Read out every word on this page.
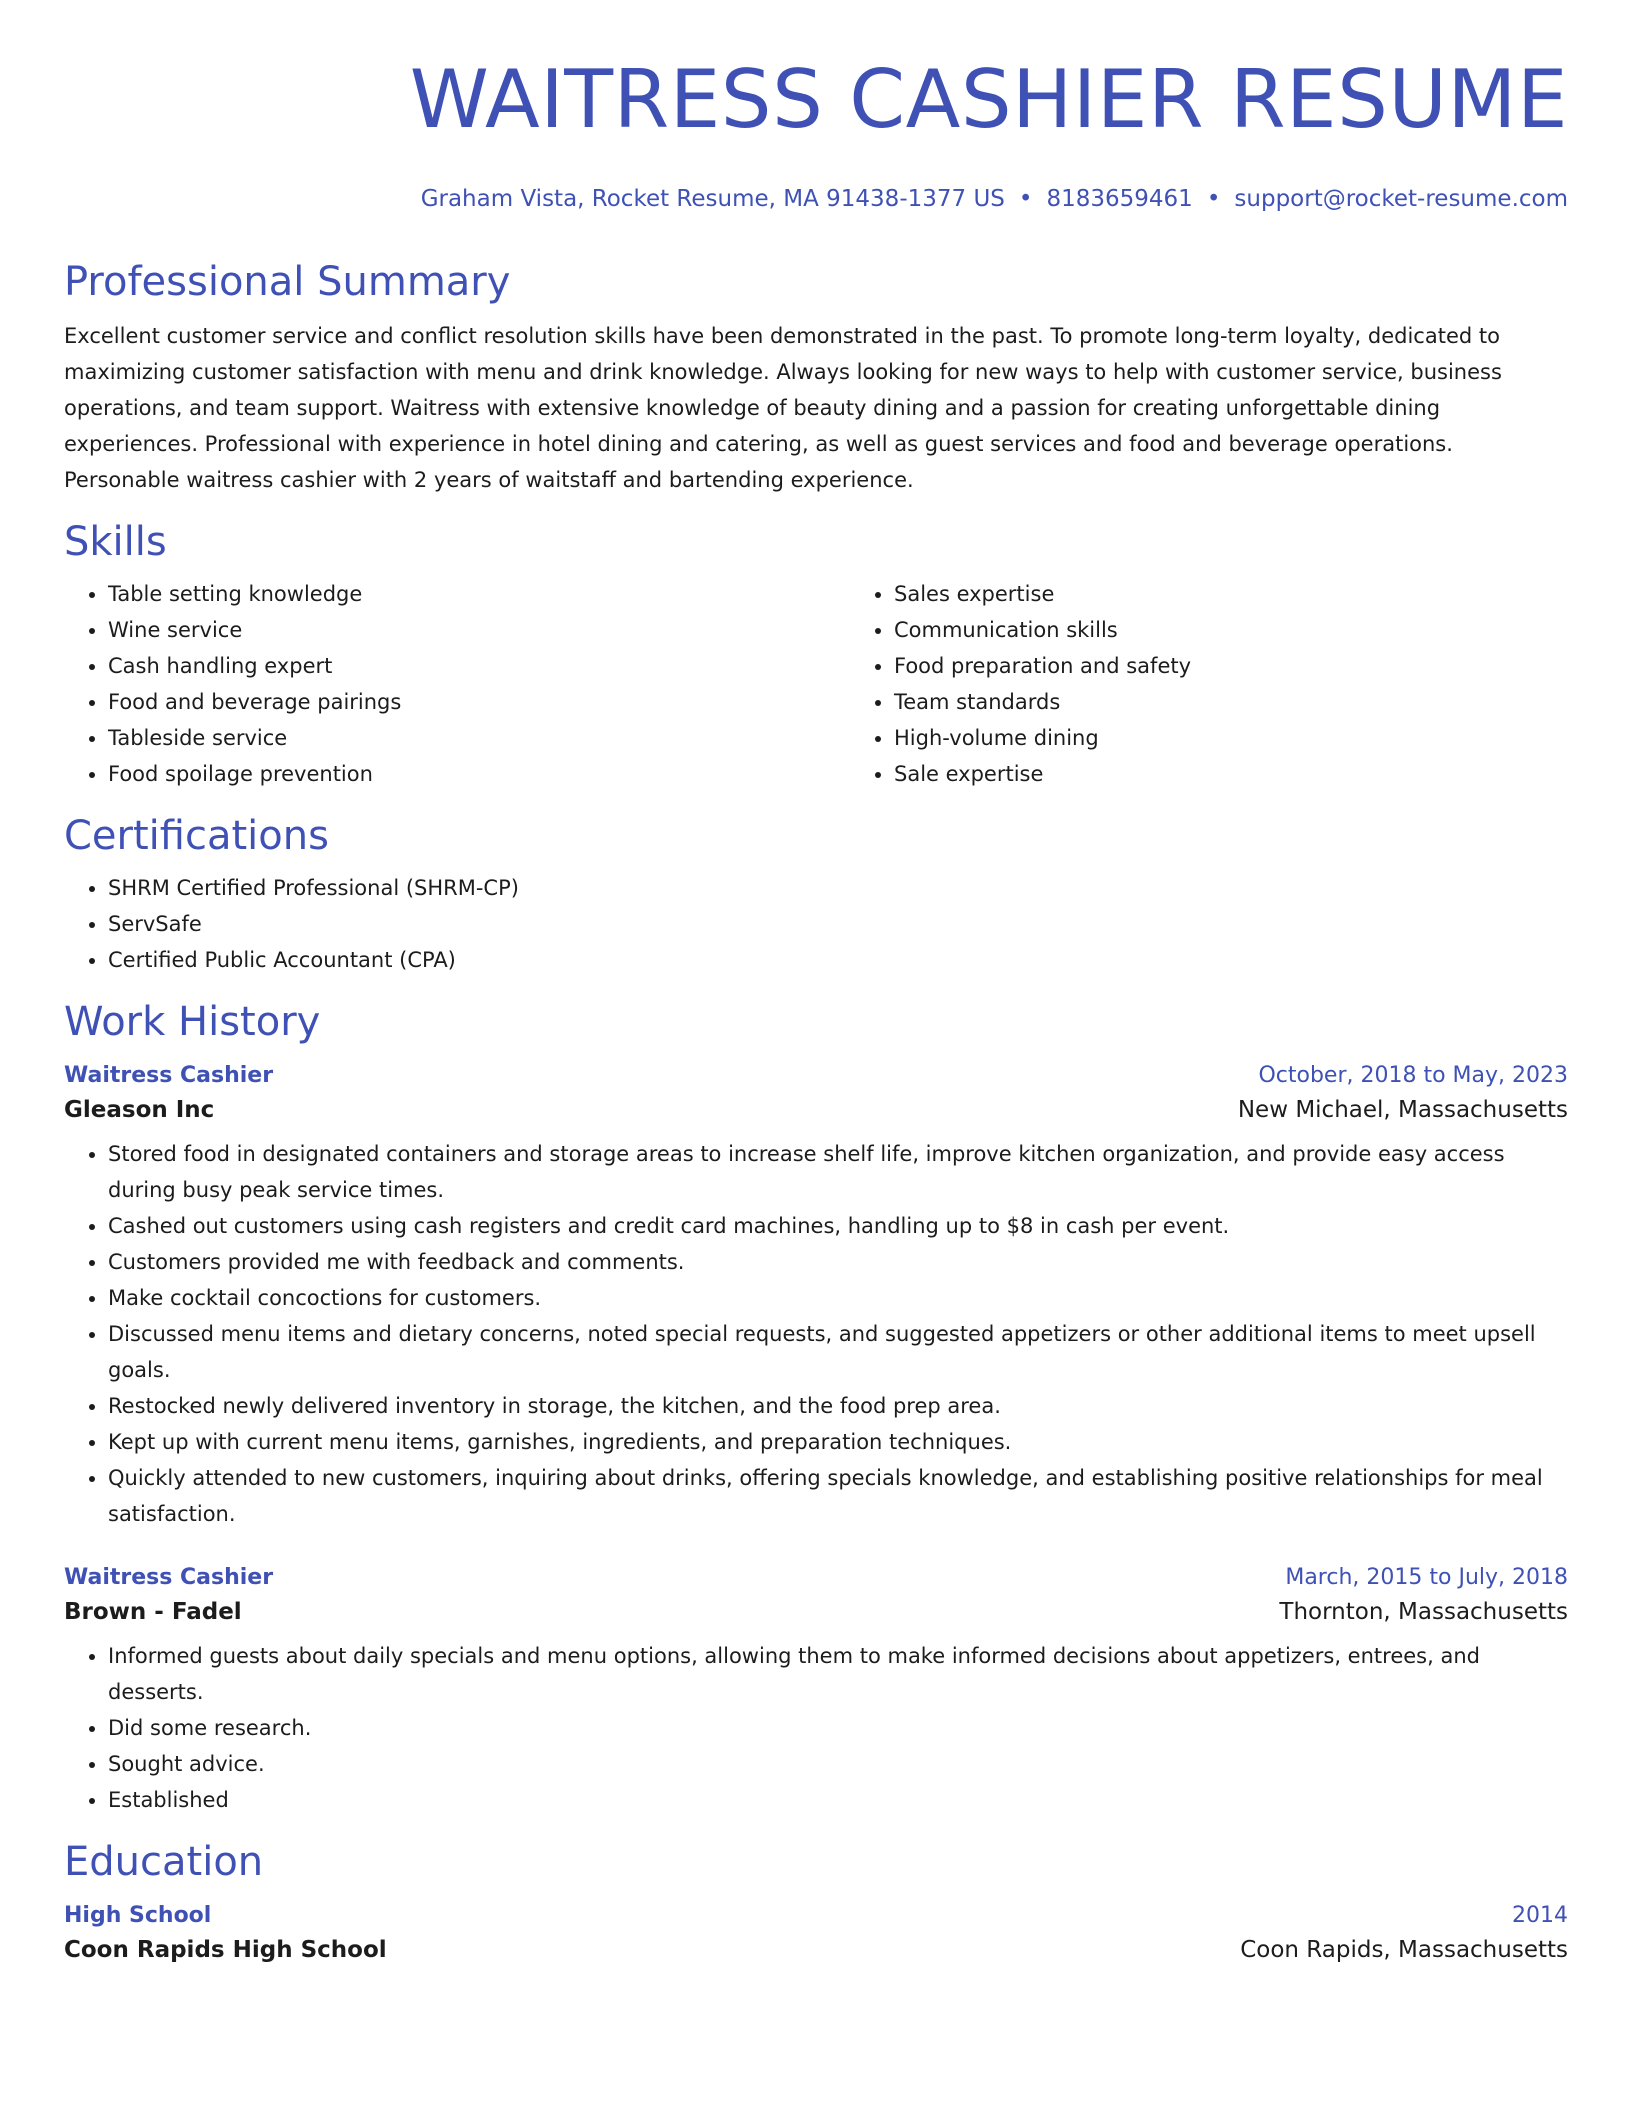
WAITRESS CASHIER RESUME
Graham Vista, Rocket Resume, MA 91438-1377 US • 8183659461 • support@rocket-resume.com
Professional Summary

Excellent customer service and conflict resolution skills have been demonstrated in the past. To promote long-term loyalty, dedicated to maximizing customer satisfaction with menu and drink knowledge. Always looking for new ways to help with customer service, business operations, and team support. Waitress with extensive knowledge of beauty dining and a passion for creating unforgettable dining experiences. Professional with experience in hotel dining and catering, as well as guest services and food and beverage operations. Personable waitress cashier with 2 years of waitstaff and bartending experience.

Skills
• Table setting knowledge
• Wine service
• Cash handling expert
• Food and beverage pairings
• Tableside service
• Food spoilage prevention
• Sales expertise
• Communication skills
• Food preparation and safety
• Team standards
• High-volume dining
• Sale expertise
Certifications
• SHRM Certified Professional (SHRM-CP)
• ServSafe
• Certified Public Accountant (CPA)
Work History
Waitress Cashier	October, 2018 to May, 2023
Gleason Inc	New Michael, Massachusetts
• Stored food in designated containers and storage areas to increase shelf life, improve kitchen organization, and provide easy access during busy peak service times.
• Cashed out customers using cash registers and credit card machines, handling up to $8 in cash per event.
• Customers provided me with feedback and comments.
• Make cocktail concoctions for customers.
• Discussed menu items and dietary concerns, noted special requests, and suggested appetizers or other additional items to meet upsell goals.
• Restocked newly delivered inventory in storage, the kitchen, and the food prep area.
• Kept up with current menu items, garnishes, ingredients, and preparation techniques.
• Quickly attended to new customers, inquiring about drinks, offering specials knowledge, and establishing positive relationships for meal satisfaction.
Waitress Cashier	March, 2015 to July, 2018
Brown - Fadel	Thornton, Massachusetts
• Informed guests about daily specials and menu options, allowing them to make informed decisions about appetizers, entrees, and desserts.
• Did some research.
• Sought advice.
• Established
Education
High School	2014
Coon Rapids High School	Coon Rapids, Massachusetts
